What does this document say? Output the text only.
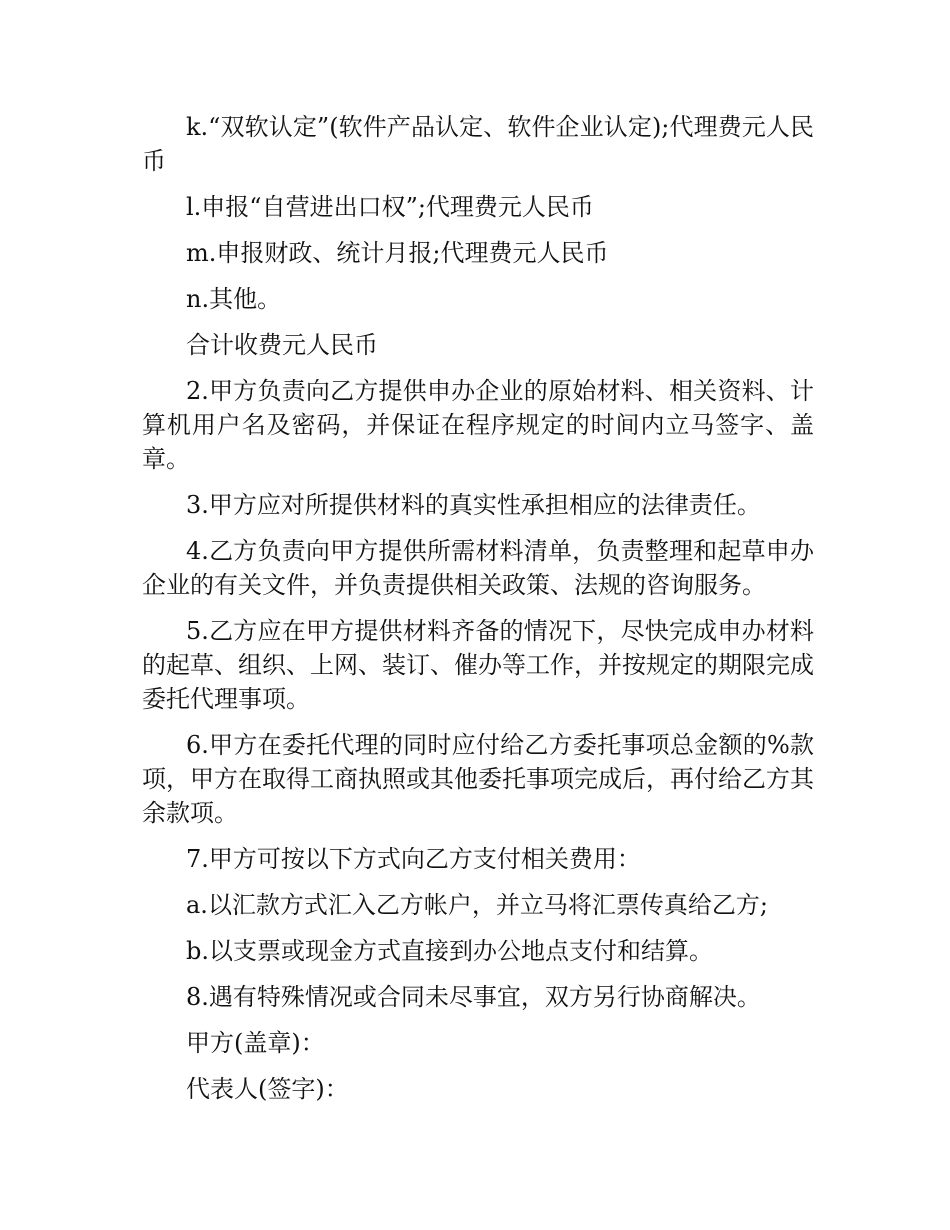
k.“双软认定”(软件产品认定、软件企业认定);代理费元人民币

l.申报“自营进出口权”;代理费元人民币

m.申报财政、统计月报;代理费元人民币

n.其他。

合计收费元人民币

2.甲方负责向乙方提供申办企业的原始材料、相关资料、计算机用户名及密码，并保证在程序规定的时间内立马签字、盖章。

3.甲方应对所提供材料的真实性承担相应的法律责任。

4.乙方负责向甲方提供所需材料清单，负责整理和起草申办企业的有关文件，并负责提供相关政策、法规的咨询服务。

5.乙方应在甲方提供材料齐备的情况下，尽快完成申办材料的起草、组织、上网、装订、催办等工作，并按规定的期限完成委托代理事项。

6.甲方在委托代理的同时应付给乙方委托事项总金额的%款项，甲方在取得工商执照或其他委托事项完成后，再付给乙方其余款项。

7.甲方可按以下方式向乙方支付相关费用：

a.以汇款方式汇入乙方帐户，并立马将汇票传真给乙方;

b.以支票或现金方式直接到办公地点支付和结算。

8.遇有特殊情况或合同未尽事宜，双方另行协商解决。

甲方(盖章)：

代表人(签字)：
